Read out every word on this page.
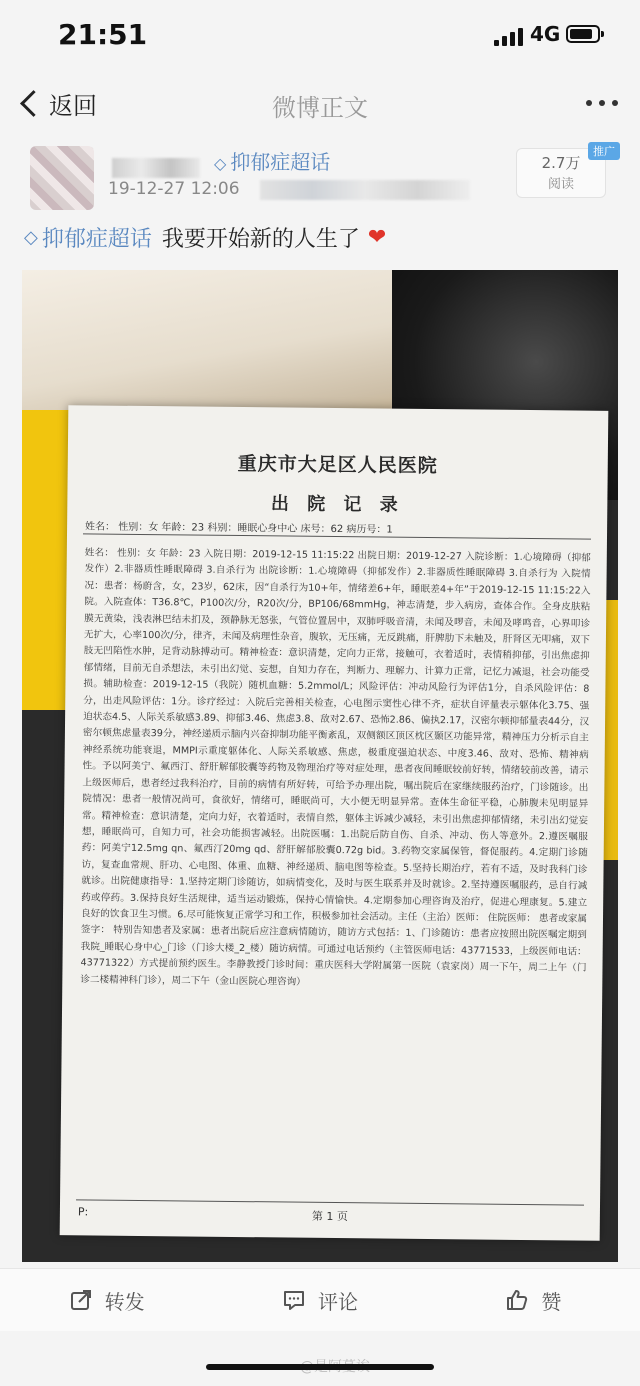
21:51	4G
返回	微博正文
◇ 抑郁症超话
19-12-27 12:06
2.7万
阅读
推广
◇ 抑郁症超话 我要开始新的人生了 ❤
重庆市大足区人民医院
出 院 记 录
姓名： 性别：女 年龄：23 科别：睡眠心身中心 床号：62 病历号：1
姓名： 性别：女 年龄：23 入院日期：2019-12-15 11:15:22 出院日期：2019-12-27 入院诊断：1.心境障碍（抑郁发作）2.非器质性睡眠障碍 3.自杀行为 出院诊断：1.心境障碍（抑郁发作）2.非器质性睡眠障碍 3.自杀行为 入院情况：患者：杨蔚含，女，23岁，62床，因“自杀行为10+年，情绪差6+年，睡眠差4+年”于2019-12-15 11:15:22入院。入院查体：T36.8℃，P100次/分，R20次/分，BP106/68mmHg，神志清楚，步入病房，查体合作。全身皮肤粘膜无黄染，浅表淋巴结未扪及，颈静脉无怒张，气管位置居中，双肺呼吸音清，未闻及啰音，未闻及哮鸣音，心界叩诊无扩大，心率100次/分，律齐，未闻及病理性杂音，腹软，无压痛，无反跳痛，肝脾肋下未触及，肝肾区无叩痛，双下肢无凹陷性水肿，足背动脉搏动可。精神检查：意识清楚，定向力正常，接触可，衣着适时，表情稍抑郁，引出焦虑抑郁情绪，目前无自杀想法，未引出幻觉、妄想，自知力存在，判断力、理解力、计算力正常，记忆力减退，社会功能受损。辅助检查：2019-12-15（我院）随机血糖：5.2mmol/L；风险评估：冲动风险行为评估1分，自杀风险评估：8分，出走风险评估：1分。诊疗经过：入院后完善相关检查，心电图示窦性心律不齐，症状自评量表示躯体化3.75、强迫状态4.5、人际关系敏感3.89、抑郁3.46、焦虑3.8、敌对2.67、恐怖2.86、偏执2.17，汉密尔顿抑郁量表44分，汉密尔顿焦虑量表39分，神经递质示脑内兴奋抑制功能平衡紊乱，双侧额区顶区枕区颞区功能异常，精神压力分析示自主神经系统功能衰退，MMPI示重度躯体化、人际关系敏感、焦虑，极重度强迫状态、中度3.46、敌对、恐怖、精神病性。予以阿美宁、氟西汀、舒肝解郁胶囊等药物及物理治疗等对症处理，患者夜间睡眠较前好转，情绪较前改善，请示上级医师后，患者经过我科治疗，目前的病情有所好转，可给予办理出院，嘱出院后在家继续服药治疗，门诊随诊。出院情况：患者一般情况尚可，食欲好，情绪可，睡眠尚可，大小便无明显异常。查体生命征平稳，心肺腹未见明显异常。精神检查：意识清楚，定向力好，衣着适时，表情自然，躯体主诉减少减轻，未引出焦虑抑郁情绪，未引出幻觉妄想，睡眠尚可，自知力可，社会功能损害减轻。出院医嘱：1.出院后防自伤、自杀、冲动、伤人等意外。2.遵医嘱服药：阿美宁12.5mg qn、氟西汀20mg qd、舒肝解郁胶囊0.72g bid。3.药物交家属保管，督促服药。4.定期门诊随访，复查血常规、肝功、心电图、体重、血糖、神经递质、脑电图等检查。5.坚持长期治疗，若有不适，及时我科门诊就诊。出院健康指导：1.坚持定期门诊随访，如病情变化，及时与医生联系并及时就诊。2.坚持遵医嘱服药，忌自行减药或停药。3.保持良好生活规律，适当运动锻炼，保持心情愉快。4.定期参加心理咨询及治疗，促进心理康复。5.建立良好的饮食卫生习惯。6.尽可能恢复正常学习和工作，积极参加社会活动。主任（主治）医师： 住院医师： 患者或家属签字： 特别告知患者及家属：患者出院后应注意病情随访，随访方式包括：1、门诊随访：患者应按照出院医嘱定期到我院_睡眠心身中心_门诊（门诊大楼_2_楼）随访病情。可通过电话预约（主管医师电话：43771533，上级医师电话：43771322）方式提前预约医生。李静教授门诊时间：重庆医科大学附属第一医院（袁家岗）周一下午，周二上午（门诊二楼精神科门诊），周二下午（金山医院心理咨询）
P:	第 1 页
转发	评论	赞
